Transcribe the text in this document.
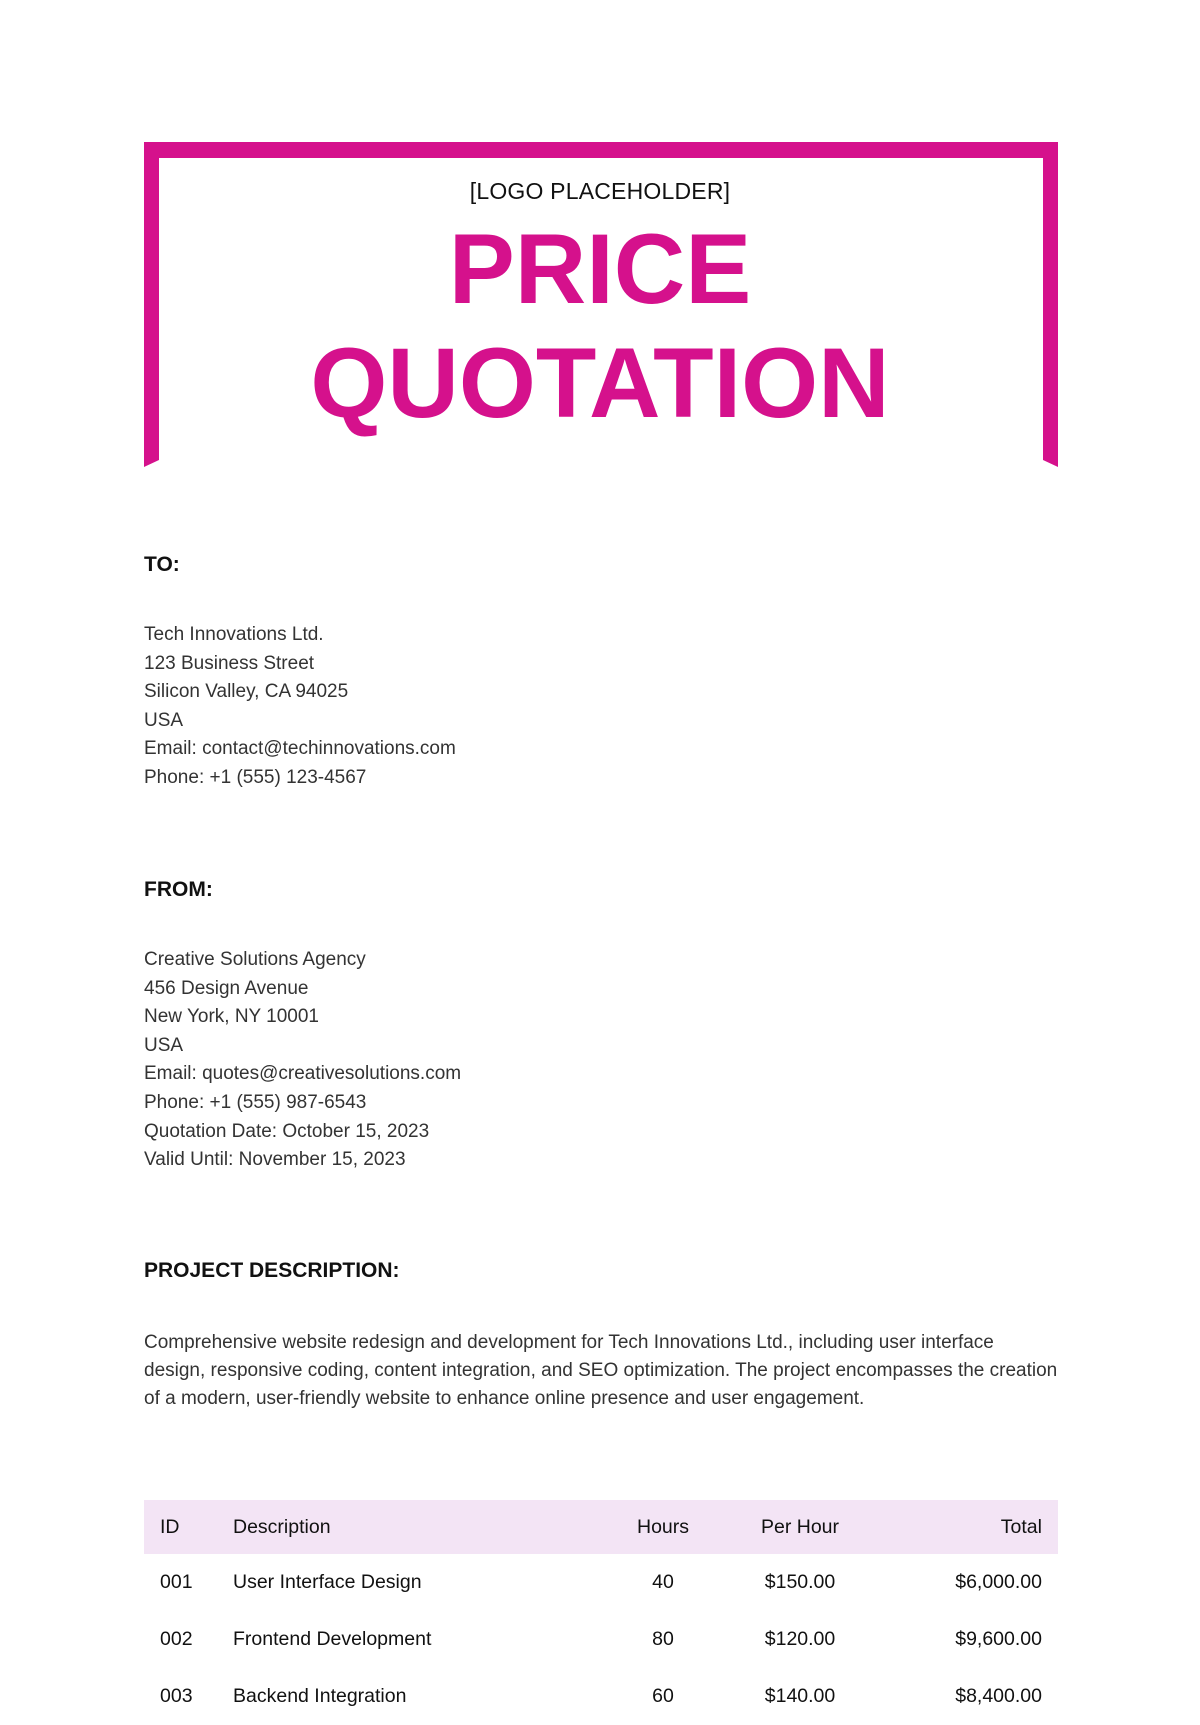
[LOGO PLACEHOLDER]
PRICE
QUOTATION
TO:
Tech Innovations Ltd.
123 Business Street
Silicon Valley, CA 94025
USA
Email: contact@techinnovations.com
Phone: +1 (555) 123-4567
FROM:
Creative Solutions Agency
456 Design Avenue
New York, NY 10001
USA
Email: quotes@creativesolutions.com
Phone: +1 (555) 987-6543
Quotation Date: October 15, 2023
Valid Until: November 15, 2023
PROJECT DESCRIPTION:

Comprehensive website redesign and development for Tech Innovations Ltd., including user interface design, responsive coding, content integration, and SEO optimization. The project encompasses the creation of a modern, user-friendly website to enhance online presence and user engagement.

ID	Description	Hours	Per Hour	Total
001	User Interface Design	40	$150.00	$6,000.00
002	Frontend Development	80	$120.00	$9,600.00
003	Backend Integration	60	$140.00	$8,400.00
